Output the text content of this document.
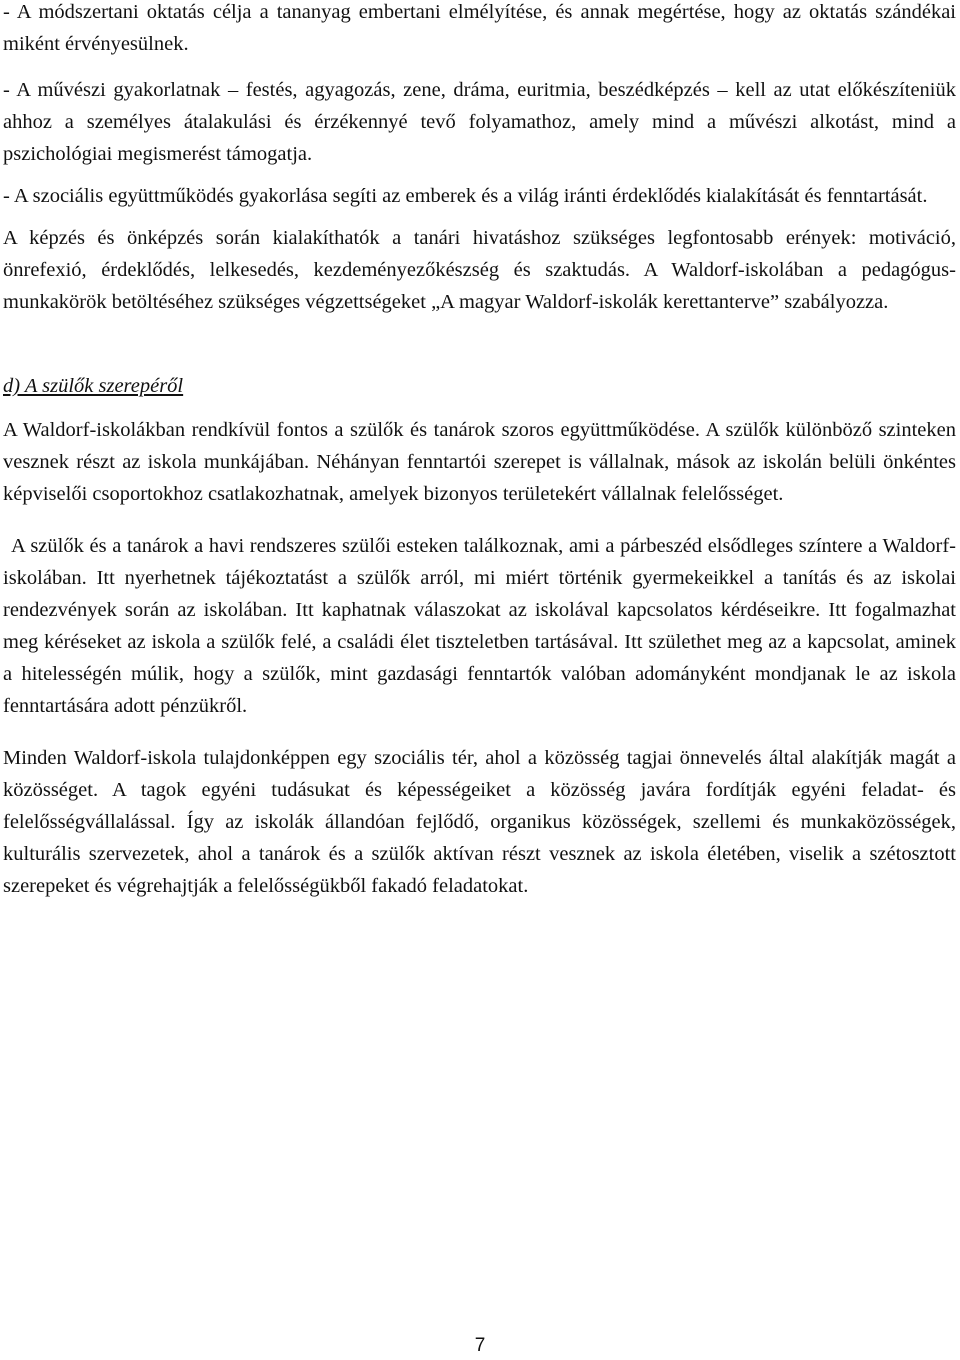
- A módszertani oktatás célja a tananyag embertani elmélyítése, és annak megértése, hogy az oktatás szándékai miként érvényesülnek.

- A művészi gyakorlatnak – festés, agyagozás, zene, dráma, euritmia, beszédképzés – kell az utat előkészíteniük ahhoz a személyes átalakulási és érzékennyé tevő folyamathoz, amely mind a művészi alkotást, mind a pszichológiai megismerést támogatja.

- A szociális együttműködés gyakorlása segíti az emberek és a világ iránti érdeklődés kialakítását és fenntartását.

A képzés és önképzés során kialakíthatók a tanári hivatáshoz szükséges legfontosabb erények: motiváció, önrefexió, érdeklődés, lelkesedés, kezdeményezőkészség és szaktudás. A Waldorf-iskolában a pedagógus-munkakörök betöltéséhez szükséges végzettségeket „A magyar Waldorf-iskolák kerettanterve” szabályozza.

d) A szülők szerepéről

A Waldorf-iskolákban rendkívül fontos a szülők és tanárok szoros együttműködése. A szülők különböző szinteken vesznek részt az iskola munkájában. Néhányan fenntartói szerepet is vállalnak, mások az iskolán belüli önkéntes képviselői csoportokhoz csatlakozhatnak, amelyek bizonyos területekért vállalnak felelősséget.

A szülők és a tanárok a havi rendszeres szülői esteken találkoznak, ami a párbeszéd elsődleges színtere a Waldorf-iskolában. Itt nyerhetnek tájékoztatást a szülők arról, mi miért történik gyermekeikkel a tanítás és az iskolai rendezvények során az iskolában. Itt kaphatnak válaszokat az iskolával kapcsolatos kérdéseikre. Itt fogalmazhat meg kéréseket az iskola a szülők felé, a családi élet tiszteletben tartásával. Itt születhet meg az a kapcsolat, aminek a hitelességén múlik, hogy a szülők, mint gazdasági fenntartók valóban adományként mondjanak le az iskola fenntartására adott pénzükről.

Minden Waldorf-iskola tulajdonképpen egy szociális tér, ahol a közösség tagjai önnevelés által alakítják magát a közösséget. A tagok egyéni tudásukat és képességeiket a közösség javára fordítják egyéni feladat- és felelősségvállalással. Így az iskolák állandóan fejlődő, organikus közösségek, szellemi és munkaközösségek, kulturális szervezetek, ahol a tanárok és a szülők aktívan részt vesznek az iskola életében, viselik a szétosztott szerepeket és végrehajtják a felelősségükből fakadó feladatokat.

7
